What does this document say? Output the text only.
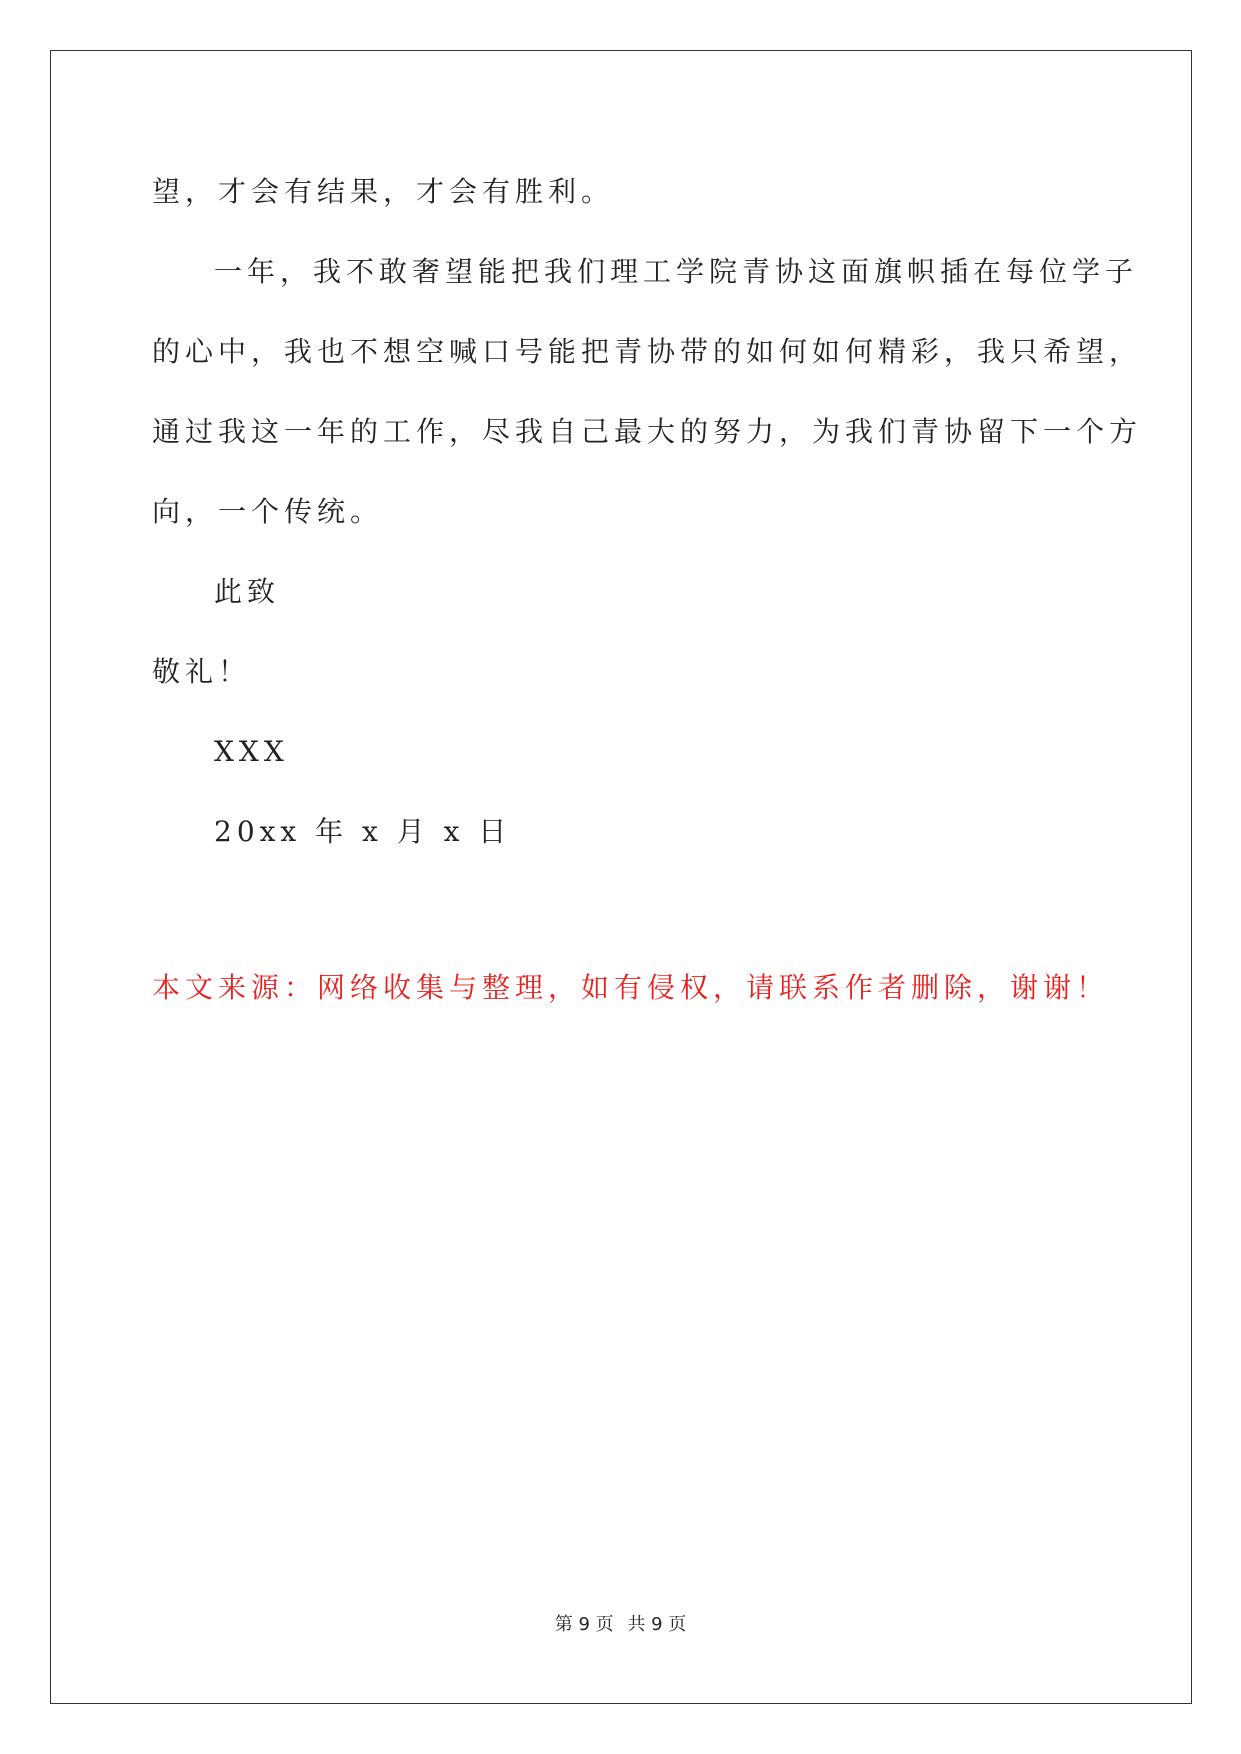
望，才会有结果，才会有胜利。
一年，我不敢奢望能把我们理工学院青协这面旗帜插在每位学子
的心中，我也不想空喊口号能把青协带的如何如何精彩，我只希望，
通过我这一年的工作，尽我自己最大的努力，为我们青协留下一个方
向，一个传统。
此致
敬礼！
XXX
20xx 年 x 月 x 日
本文来源：网络收集与整理，如有侵权，请联系作者删除，谢谢！
第 9 页 共 9 页
